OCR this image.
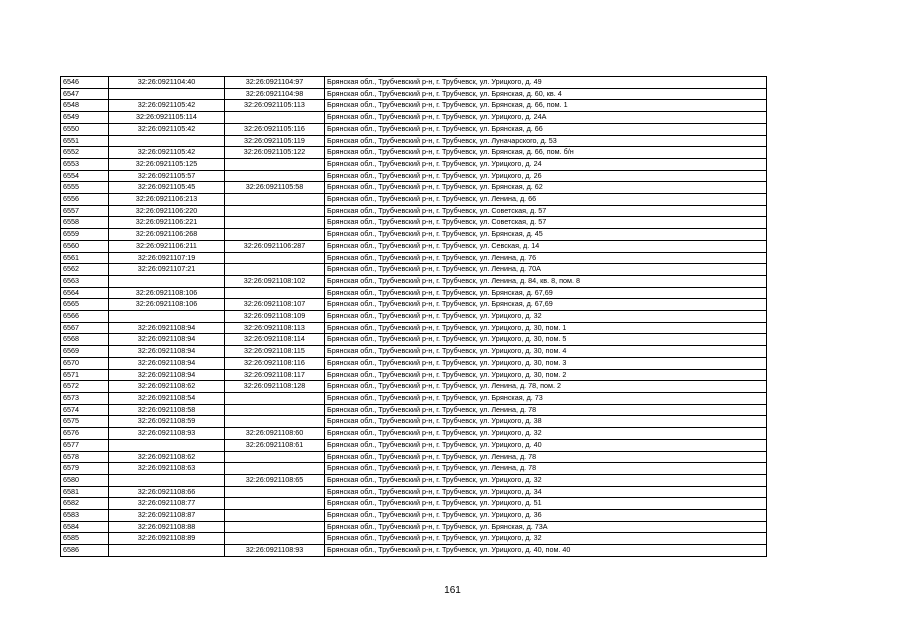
6546	32:26:0921104:40	32:26:0921104:97	Брянская обл., Трубчевский р-н, г. Трубчевск, ул. Урицкого, д. 49
6547		32:26:0921104:98	Брянская обл., Трубчевский р-н, г. Трубчевск, ул. Брянская, д. 60, кв. 4
6548	32:26:0921105:42	32:26:0921105:113	Брянская обл., Трубчевский р-н, г. Трубчевск, ул. Брянская, д. 66, пом. 1
6549	32:26:0921105:114		Брянская обл., Трубчевский р-н, г. Трубчевск, ул. Урицкого, д. 24А
6550	32:26:0921105:42	32:26:0921105:116	Брянская обл., Трубчевский р-н, г. Трубчевск, ул. Брянская, д. 66
6551		32:26:0921105:119	Брянская обл., Трубчевский р-н, г. Трубчевск, ул. Луначарского, д. 53
6552	32:26:0921105:42	32:26:0921105:122	Брянская обл., Трубчевский р-н, г. Трубчевск, ул. Брянская, д. 66, пом. б/н
6553	32:26:0921105:125		Брянская обл., Трубчевский р-н, г. Трубчевск, ул. Урицкого, д. 24
6554	32:26:0921105:57		Брянская обл., Трубчевский р-н, г. Трубчевск, ул. Урицкого, д. 26
6555	32:26:0921105:45	32:26:0921105:58	Брянская обл., Трубчевский р-н, г. Трубчевск, ул. Брянская, д. 62
6556	32:26:0921106:213		Брянская обл., Трубчевский р-н, г. Трубчевск, ул. Ленина, д. 66
6557	32:26:0921106:220		Брянская обл., Трубчевский р-н, г. Трубчевск, ул. Советская, д. 57
6558	32:26:0921106:221		Брянская обл., Трубчевский р-н, г. Трубчевск, ул. Советская, д. 57
6559	32:26:0921106:268		Брянская обл., Трубчевский р-н, г. Трубчевск, ул. Брянская, д. 45
6560	32:26:0921106:211	32:26:0921106:287	Брянская обл., Трубчевский р-н, г. Трубчевск, ул. Севская, д. 14
6561	32:26:0921107:19		Брянская обл., Трубчевский р-н, г. Трубчевск, ул. Ленина, д. 76
6562	32:26:0921107:21		Брянская обл., Трубчевский р-н, г. Трубчевск, ул. Ленина, д. 70А
6563		32:26:0921108:102	Брянская обл., Трубчевский р-н, г. Трубчевск, ул. Ленина, д. 84, кв. 8, пом. 8
6564	32:26:0921108:106		Брянская обл., Трубчевский р-н, г. Трубчевск, ул. Брянская, д. 67,69
6565	32:26:0921108:106	32:26:0921108:107	Брянская обл., Трубчевский р-н, г. Трубчевск, ул. Брянская, д. 67,69
6566		32:26:0921108:109	Брянская обл., Трубчевский р-н, г. Трубчевск, ул. Урицкого, д. 32
6567	32:26:0921108:94	32:26:0921108:113	Брянская обл., Трубчевский р-н, г. Трубчевск, ул. Урицкого, д. 30, пом. 1
6568	32:26:0921108:94	32:26:0921108:114	Брянская обл., Трубчевский р-н, г. Трубчевск, ул. Урицкого, д. 30, пом. 5
6569	32:26:0921108:94	32:26:0921108:115	Брянская обл., Трубчевский р-н, г. Трубчевск, ул. Урицкого, д. 30, пом. 4
6570	32:26:0921108:94	32:26:0921108:116	Брянская обл., Трубчевский р-н, г. Трубчевск, ул. Урицкого, д. 30, пом. 3
6571	32:26:0921108:94	32:26:0921108:117	Брянская обл., Трубчевский р-н, г. Трубчевск, ул. Урицкого, д. 30, пом. 2
6572	32:26:0921108:62	32:26:0921108:128	Брянская обл., Трубчевский р-н, г. Трубчевск, ул. Ленина, д. 78, пом. 2
6573	32:26:0921108:54		Брянская обл., Трубчевский р-н, г. Трубчевск, ул. Брянская, д. 73
6574	32:26:0921108:58		Брянская обл., Трубчевский р-н, г. Трубчевск, ул. Ленина, д. 78
6575	32:26:0921108:59		Брянская обл., Трубчевский р-н, г. Трубчевск, ул. Урицкого, д. 38
6576	32:26:0921108:93	32:26:0921108:60	Брянская обл., Трубчевский р-н, г. Трубчевск, ул. Урицкого, д. 32
6577		32:26:0921108:61	Брянская обл., Трубчевский р-н, г. Трубчевск, ул. Урицкого, д. 40
6578	32:26:0921108:62		Брянская обл., Трубчевский р-н, г. Трубчевск, ул. Ленина, д. 78
6579	32:26:0921108:63		Брянская обл., Трубчевский р-н, г. Трубчевск, ул. Ленина, д. 78
6580		32:26:0921108:65	Брянская обл., Трубчевский р-н, г. Трубчевск, ул. Урицкого, д. 32
6581	32:26:0921108:66		Брянская обл., Трубчевский р-н, г. Трубчевск, ул. Урицкого, д. 34
6582	32:26:0921108:77		Брянская обл., Трубчевский р-н, г. Трубчевск, ул. Урицкого, д. 51
6583	32:26:0921108:87		Брянская обл., Трубчевский р-н, г. Трубчевск, ул. Урицкого, д. 36
6584	32:26:0921108:88		Брянская обл., Трубчевский р-н, г. Трубчевск, ул. Брянская, д. 73А
6585	32:26:0921108:89		Брянская обл., Трубчевский р-н, г. Трубчевск, ул. Урицкого, д. 32
6586		32:26:0921108:93	Брянская обл., Трубчевский р-н, г. Трубчевск, ул. Урицкого, д. 40, пом. 40
161
